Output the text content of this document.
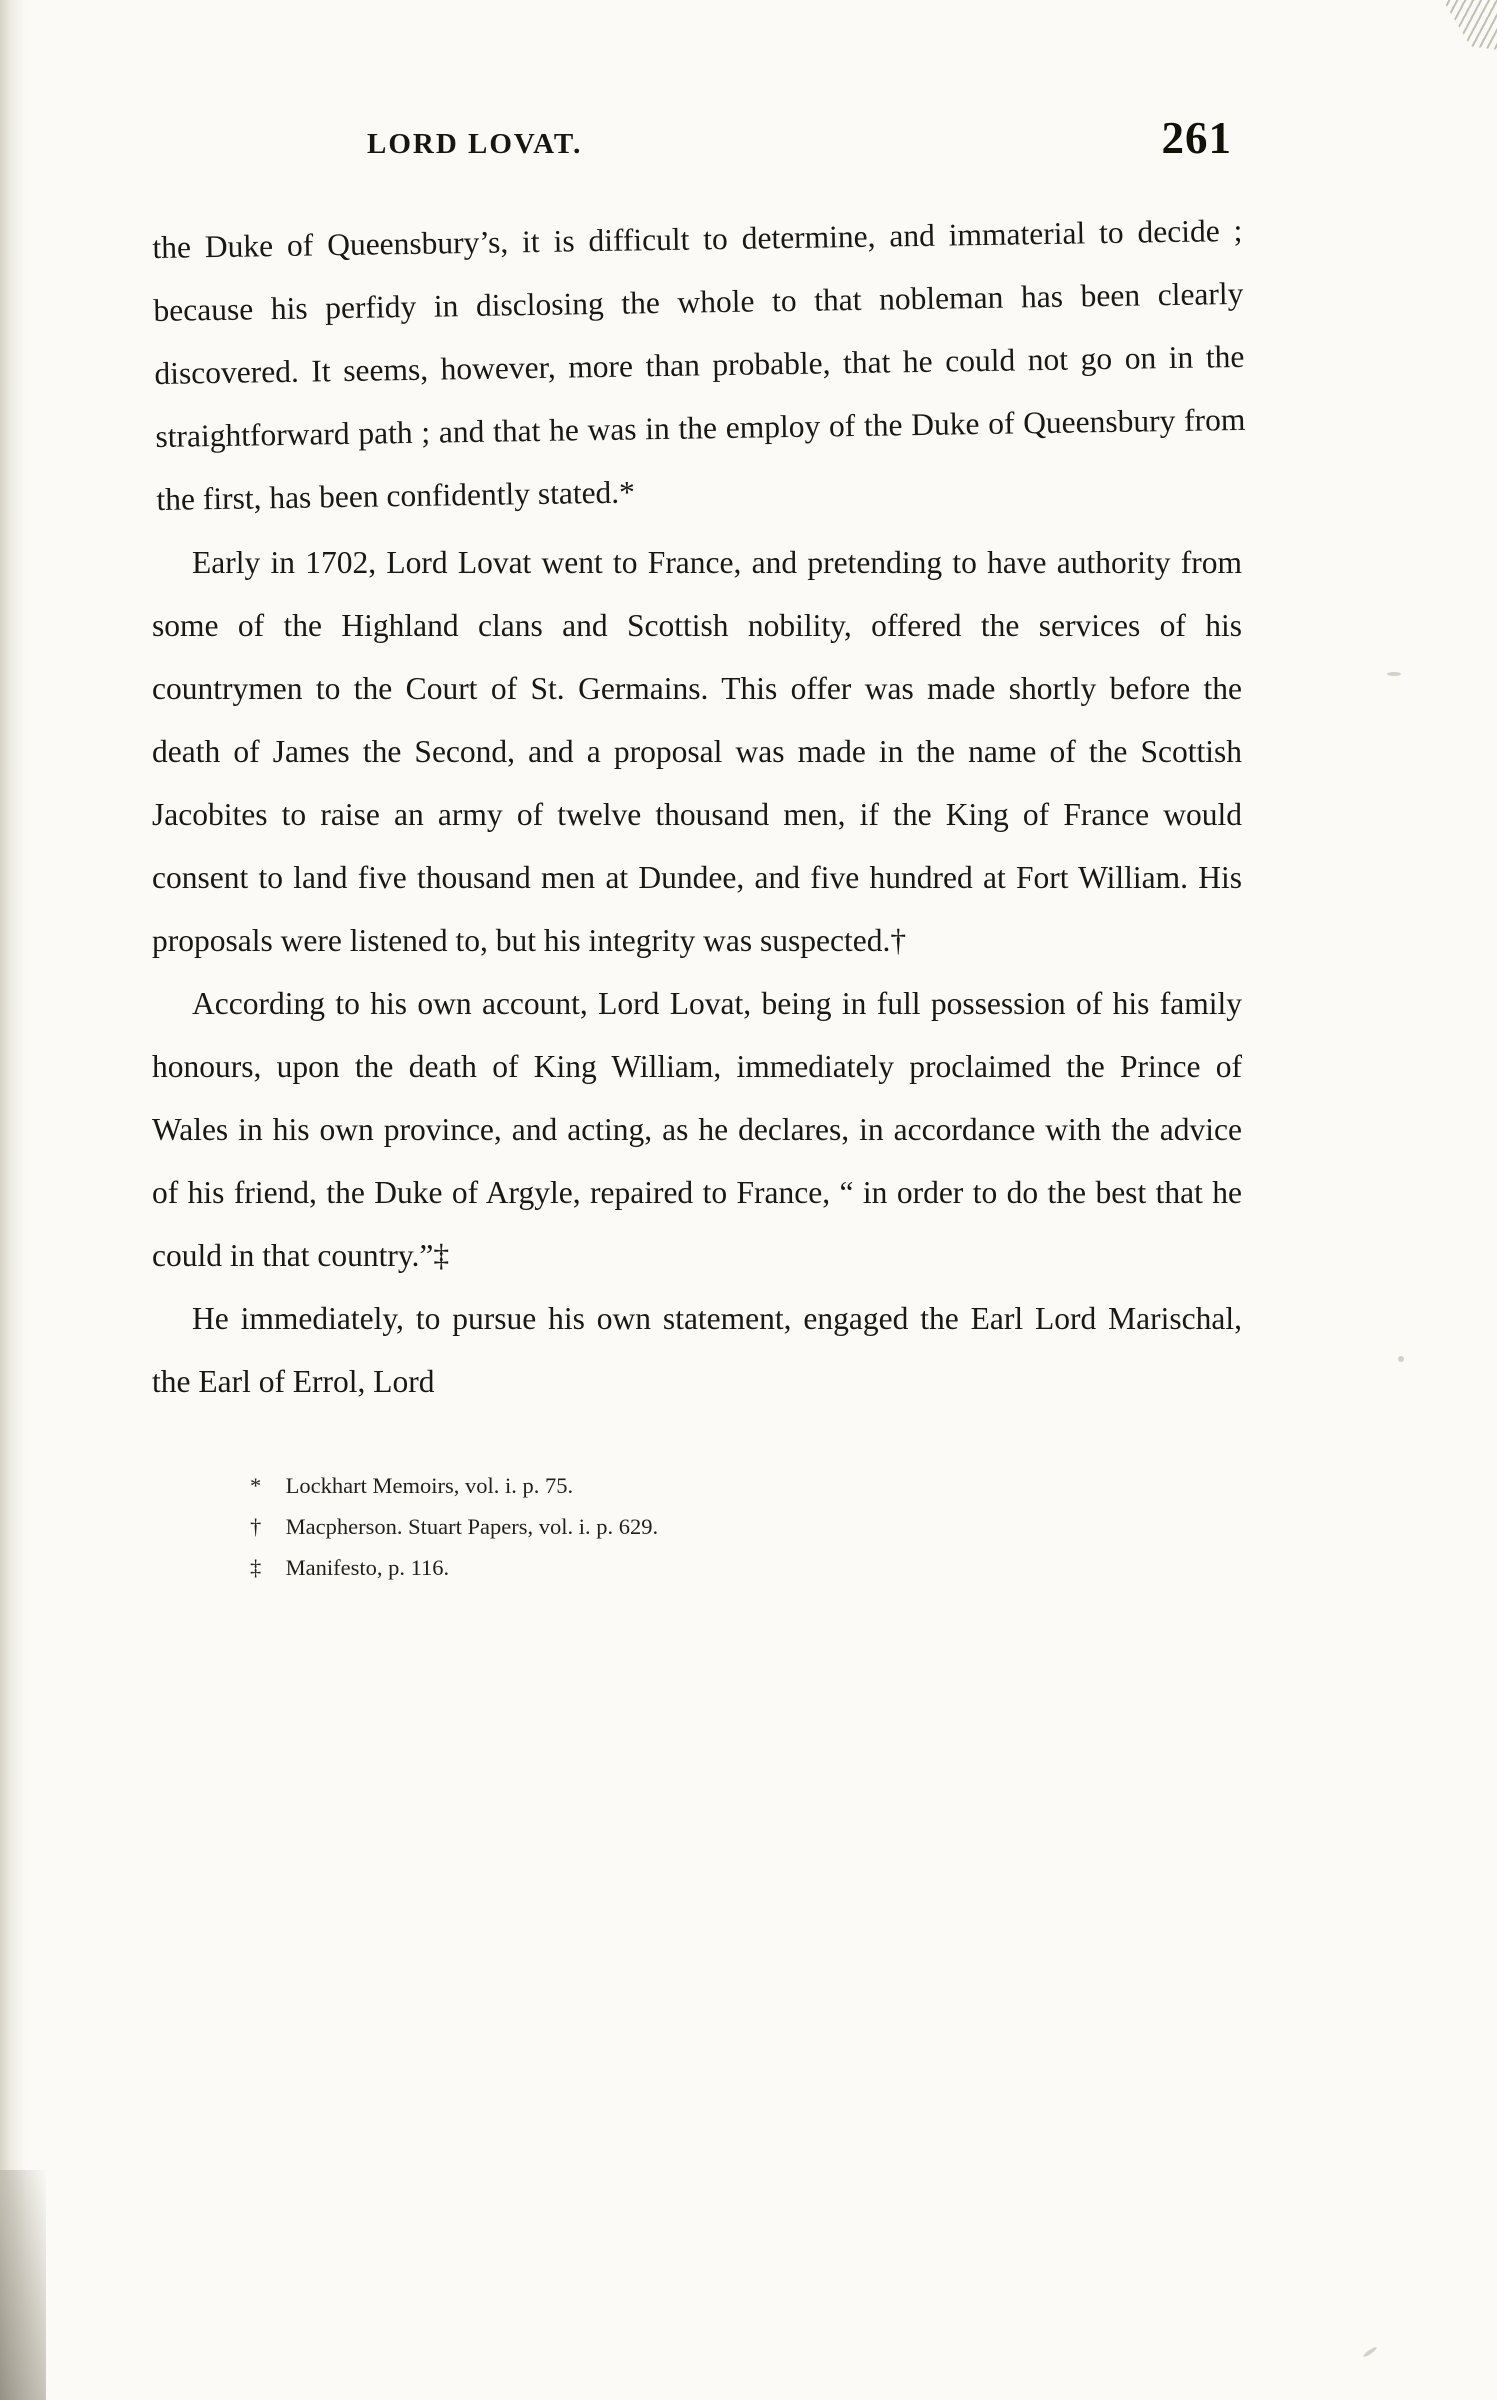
LORD LOVAT.	261

the Duke of Queensbury’s, it is difficult to determine, and immaterial to decide ; because his perfidy in disclosing the whole to that nobleman has been clearly discovered. It seems, however, more than probable, that he could not go on in the straightforward path ; and that he was in the employ of the Duke of Queensbury from the first, has been confidently stated.*

Early in 1702, Lord Lovat went to France, and pretending to have authority from some of the Highland clans and Scottish nobility, offered the services of his countrymen to the Court of St. Germains. This offer was made shortly before the death of James the Second, and a proposal was made in the name of the Scottish Jacobites to raise an army of twelve thousand men, if the King of France would consent to land five thousand men at Dundee, and five hundred at Fort William. His proposals were listened to, but his integrity was suspected.†

According to his own account, Lord Lovat, being in full possession of his family honours, upon the death of King William, immediately proclaimed the Prince of Wales in his own province, and acting, as he declares, in accordance with the advice of his friend, the Duke of Argyle, repaired to France, “ in order to do the best that he could in that country.”‡

He immediately, to pursue his own statement, engaged the Earl Lord Marischal, the Earl of Errol, Lord

* Lockhart Memoirs, vol. i. p. 75.
† Macpherson. Stuart Papers, vol. i. p. 629.
‡ Manifesto, p. 116.
